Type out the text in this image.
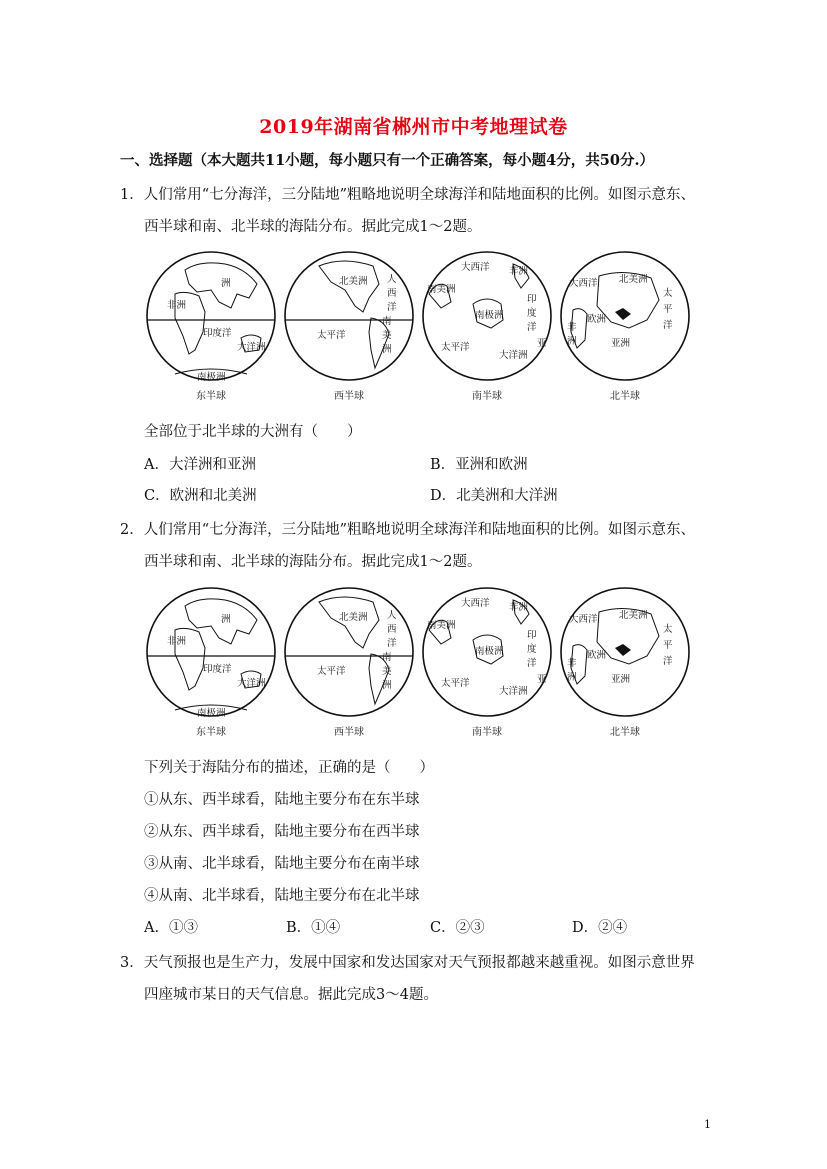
2019年湖南省郴州市中考地理试卷
一、选择题（本大题共11小题，每小题只有一个正确答案，每小题4分，共50分.）
1．人们常用“七分海洋，三分陆地”粗略地说明全球海洋和陆地面积的比例。如图示意东、
西半球和南、北半球的海陆分布。据此完成1～2题。
洲
非洲
印度洋
大洋洲
南极洲
东半球
北美洲 人
西
洋
南
美
洲
太平洋
西半球
大西洋 非洲
南美洲
印
度
洋
南极洲
太平洋
大洋洲
亚
南半球
大西洋 北美洲
太
平
洋
欧洲
非
洲	亚洲
北半球
全部位于北半球的大洲有（　　）
A．大洋洲和亚洲	B．亚洲和欧洲
C．欧洲和北美洲	D．北美洲和大洋洲
2．人们常用“七分海洋，三分陆地”粗略地说明全球海洋和陆地面积的比例。如图示意东、
西半球和南、北半球的海陆分布。据此完成1～2题。
洲
非洲
印度洋
大洋洲
南极洲
东半球
北美洲 人
西
洋
南
美
洲
太平洋
西半球
大西洋 非洲
南美洲
印
度
洋
南极洲
太平洋
大洋洲
亚
南半球
大西洋 北美洲
太
平
洋
欧洲
非
洲	亚洲
北半球
下列关于海陆分布的描述，正确的是（　　）
①从东、西半球看，陆地主要分布在东半球
②从东、西半球看，陆地主要分布在西半球
③从南、北半球看，陆地主要分布在南半球
④从南、北半球看，陆地主要分布在北半球
A．①③	B．①④	C．②③	D．②④
3．天气预报也是生产力，发展中国家和发达国家对天气预报都越来越重视。如图示意世界
四座城市某日的天气信息。据此完成3～4题。
1
